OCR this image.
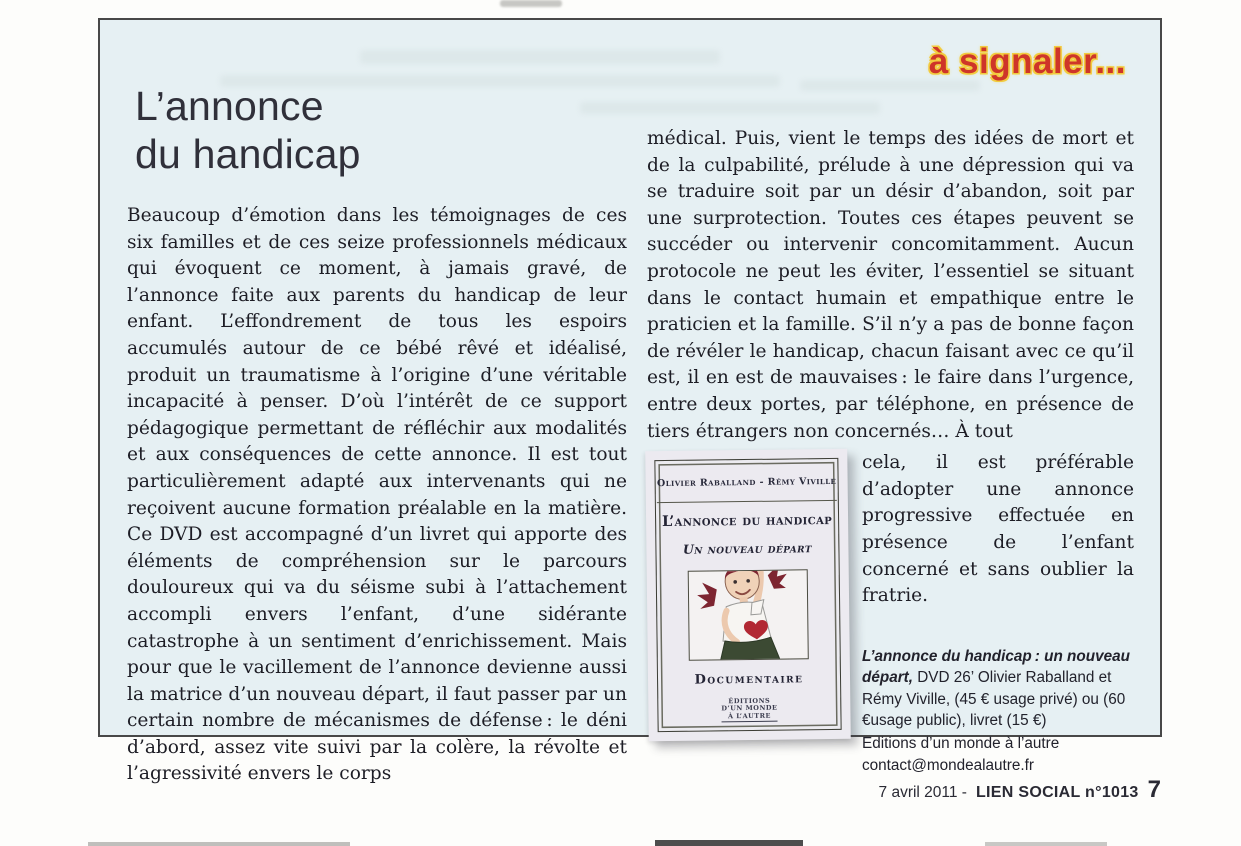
à signaler...
L’annonce
du handicap

Beaucoup d’émotion dans les témoignages de ces six familles et de ces seize professionnels médicaux qui évoquent ce moment, à jamais gravé, de l’annonce faite aux parents du handicap de leur enfant. L’effondrement de tous les espoirs accumulés autour de ce bébé rêvé et idéalisé, produit un traumatisme à l’origine d’une véritable incapacité à penser. D’où l’intérêt de ce support pédagogique permettant de réfléchir aux modalités et aux conséquences de cette annonce. Il est tout particulièrement adapté aux intervenants qui ne reçoivent aucune formation préalable en la matière. Ce DVD est accompagné d’un livret qui apporte des éléments de compréhension sur le parcours douloureux qui va du séisme subi à l’attachement accompli envers l’enfant, d’une sidérante catastrophe à un sentiment d’enrichissement. Mais pour que le vacillement de l’annonce devienne aussi la matrice d’un nouveau départ, il faut passer par un certain nombre de mécanismes de défense : le déni d’abord, assez vite suivi par la colère, la révolte et l’agressivité envers le corps

médical. Puis, vient le temps des idées de mort et de la culpabilité, prélude à une dépression qui va se traduire soit par un désir d’abandon, soit par une surprotection. Toutes ces étapes peuvent se succéder ou intervenir concomitamment. Aucun protocole ne peut les éviter, l’essentiel se situant dans le contact humain et empathique entre le praticien et la famille. S’il n’y a pas de bonne façon de révéler le handicap, chacun faisant avec ce qu’il est, il en est de mauvaises : le faire dans l’urgence, entre deux portes, par téléphone, en présence de tiers étrangers non concernés… À tout

Olivier Raballand - Rémy Viville
L’annonce du handicap
Un nouveau départ
Documentaire
ÉDITIONS
D’UN MONDE
À L’AUTRE

cela, il est préférable d’adopter une annonce progressive effectuée en présence de l’enfant concerné et sans oublier la fratrie.

L’annonce du handicap : un nouveau départ, DVD 26’ Olivier Raballand et Rémy Viville, (45 € usage privé) ou (60 €usage public), livret (15 €)
Editions d’un monde à l’autre
contact@mondealautre.fr
7 avril 2011 - LIEN SOCIAL n°1013 7
